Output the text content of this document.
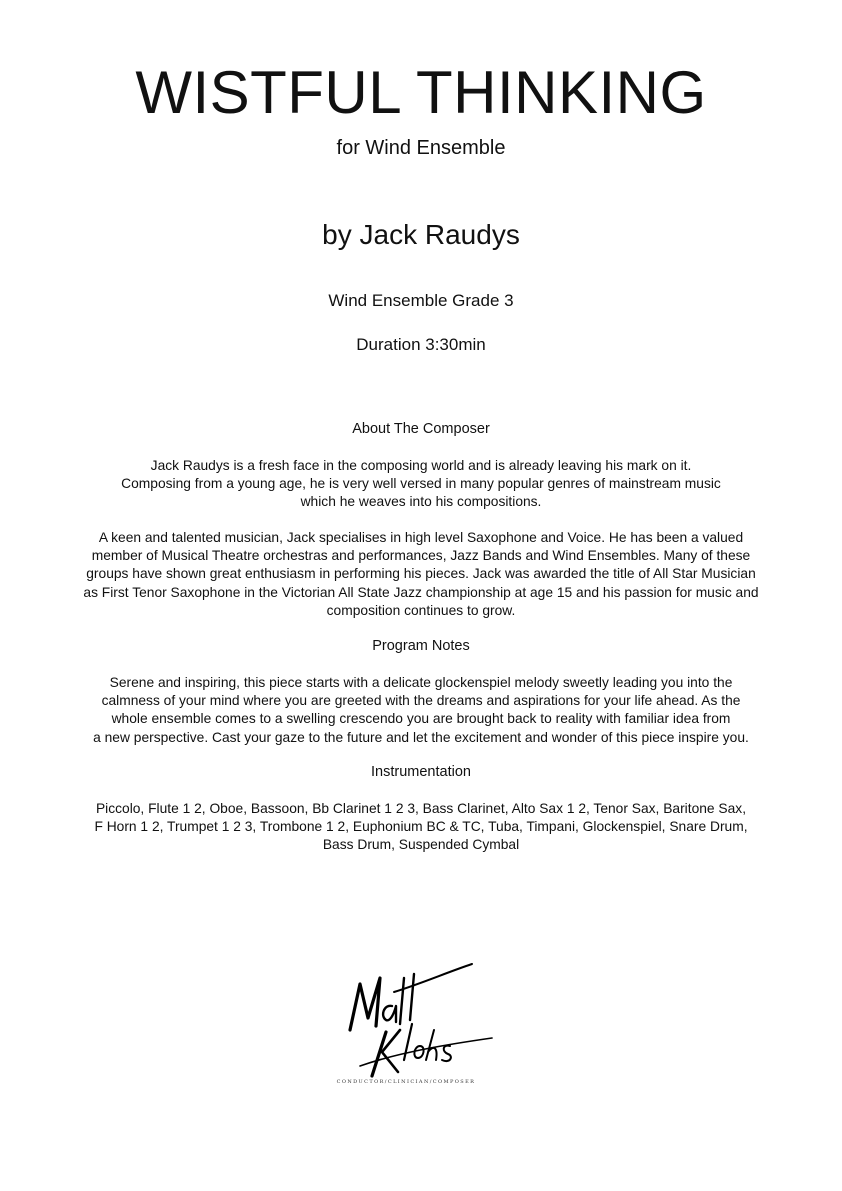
WISTFUL THINKING
for Wind Ensemble
by Jack Raudys
Wind Ensemble Grade 3
Duration 3:30min
About The Composer
Jack Raudys is a fresh face in the composing world and is already leaving his mark on it.
Composing from a young age, he is very well versed in many popular genres of mainstream music
which he weaves into his compositions.
A keen and talented musician, Jack specialises in high level Saxophone and Voice. He has been a valued
member of Musical Theatre orchestras and performances, Jazz Bands and Wind Ensembles. Many of these
groups have shown great enthusiasm in performing his pieces. Jack was awarded the title of All Star Musician
as First Tenor Saxophone in the Victorian All State Jazz championship at age 15 and his passion for music and
composition continues to grow.
Program Notes
Serene and inspiring, this piece starts with a delicate glockenspiel melody sweetly leading you into the
calmness of your mind where you are greeted with the dreams and aspirations for your life ahead. As the
whole ensemble comes to a swelling crescendo you are brought back to reality with familiar idea from
a new perspective. Cast your gaze to the future and let the excitement and wonder of this piece inspire you.
Instrumentation
Piccolo, Flute 1 2, Oboe, Bassoon, Bb Clarinet 1 2 3, Bass Clarinet, Alto Sax 1 2, Tenor Sax, Baritone Sax,
F Horn 1 2, Trumpet 1 2 3, Trombone 1 2, Euphonium BC & TC, Tuba, Timpani, Glockenspiel, Snare Drum,
Bass Drum, Suspended Cymbal
CONDUCTOR/CLINICIAN/COMPOSER
